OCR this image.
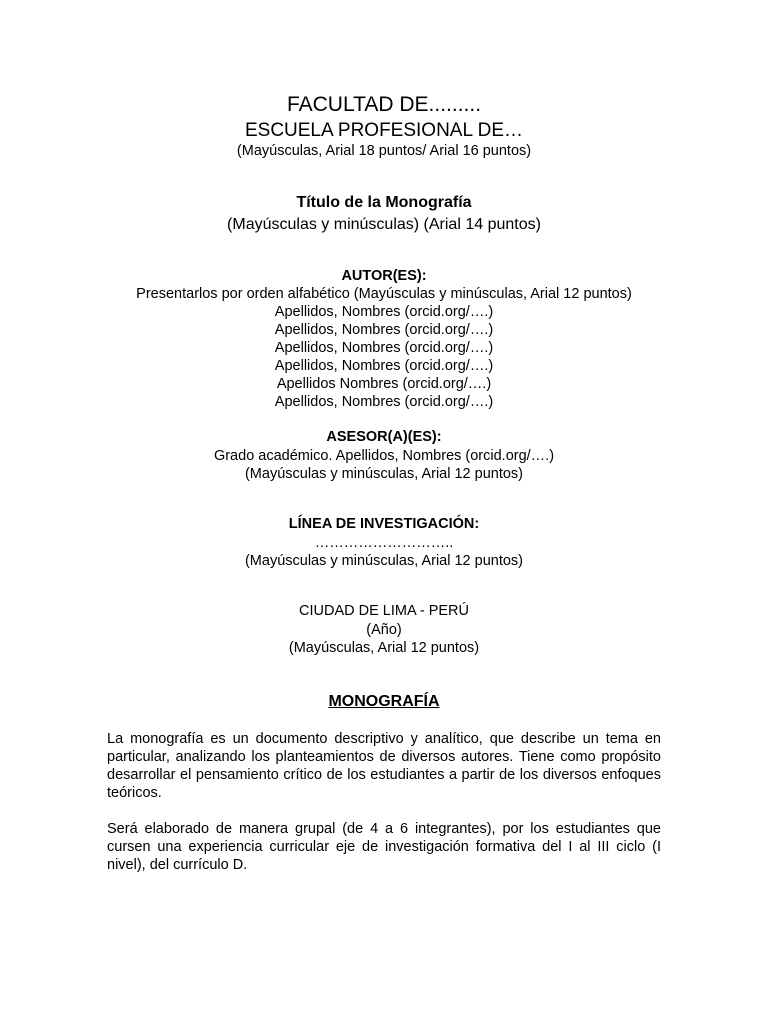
FACULTAD DE.........
ESCUELA PROFESIONAL DE…
(Mayúsculas, Arial 18 puntos/ Arial 16 puntos)
Título de la Monografía
(Mayúsculas y minúsculas) (Arial 14 puntos)
AUTOR(ES):
Presentarlos por orden alfabético (Mayúsculas y minúsculas, Arial 12 puntos)
Apellidos, Nombres (orcid.org/….)
Apellidos, Nombres (orcid.org/….)
Apellidos, Nombres (orcid.org/….)
Apellidos, Nombres (orcid.org/….)
Apellidos Nombres (orcid.org/….)
Apellidos, Nombres (orcid.org/….)
ASESOR(A)(ES):
Grado académico. Apellidos, Nombres (orcid.org/….)
(Mayúsculas y minúsculas, Arial 12 puntos)
LÍNEA DE INVESTIGACIÓN:
………………………..
(Mayúsculas y minúsculas, Arial 12 puntos)
CIUDAD DE LIMA - PERÚ
(Año)
(Mayúsculas, Arial 12 puntos)
MONOGRAFÍA
La monografía es un documento descriptivo y analítico, que describe un tema en particular, analizando los planteamientos de diversos autores. Tiene como propósito desarrollar el pensamiento crítico de los estudiantes a partir de los diversos enfoques teóricos.
Será elaborado de manera grupal (de 4 a 6 integrantes), por los estudiantes que cursen una experiencia curricular eje de investigación formativa del I al III ciclo (I nivel), del currículo D.
